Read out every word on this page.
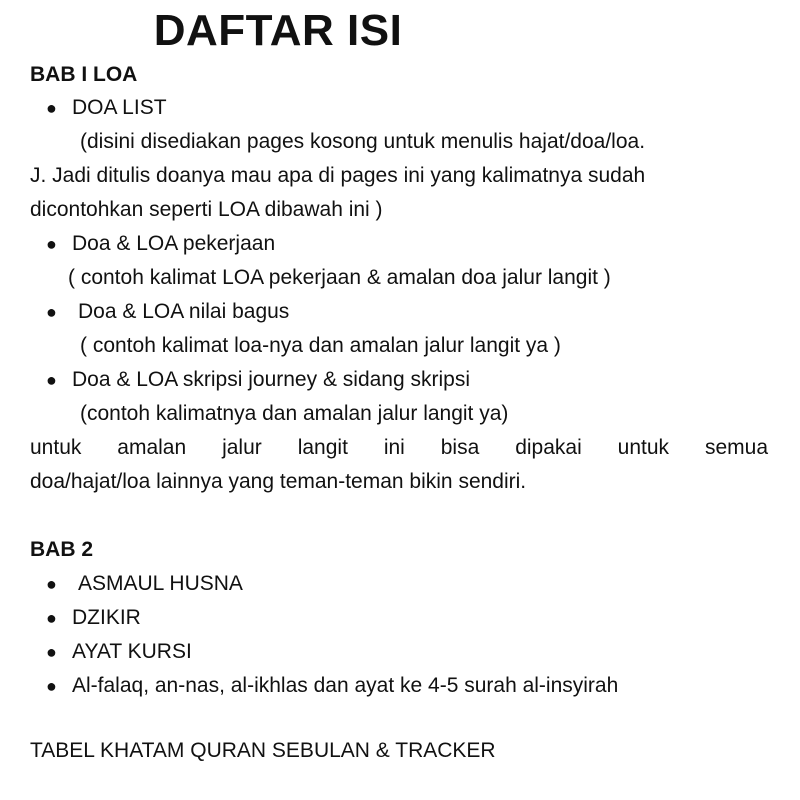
DAFTAR ISI
BAB I LOA
● DOA LIST
(disini disediakan pages kosong untuk menulis hajat/doa/loa.
J. Jadi ditulis doanya mau apa di pages ini yang kalimatnya sudah
dicontohkan seperti LOA dibawah ini )
● Doa & LOA pekerjaan
( contoh kalimat LOA pekerjaan & amalan doa jalur langit )
● Doa & LOA nilai bagus
( contoh kalimat loa-nya dan amalan jalur langit ya )
● Doa & LOA skripsi journey & sidang skripsi
(contoh kalimatnya dan amalan jalur langit ya)
untuk amalan jalur langit ini bisa dipakai untuk semua
doa/hajat/loa lainnya yang teman-teman bikin sendiri.
BAB 2
● ASMAUL HUSNA
● DZIKIR
● AYAT KURSI
● Al-falaq, an-nas, al-ikhlas dan ayat ke 4-5 surah al-insyirah
TABEL KHATAM QURAN SEBULAN & TRACKER
